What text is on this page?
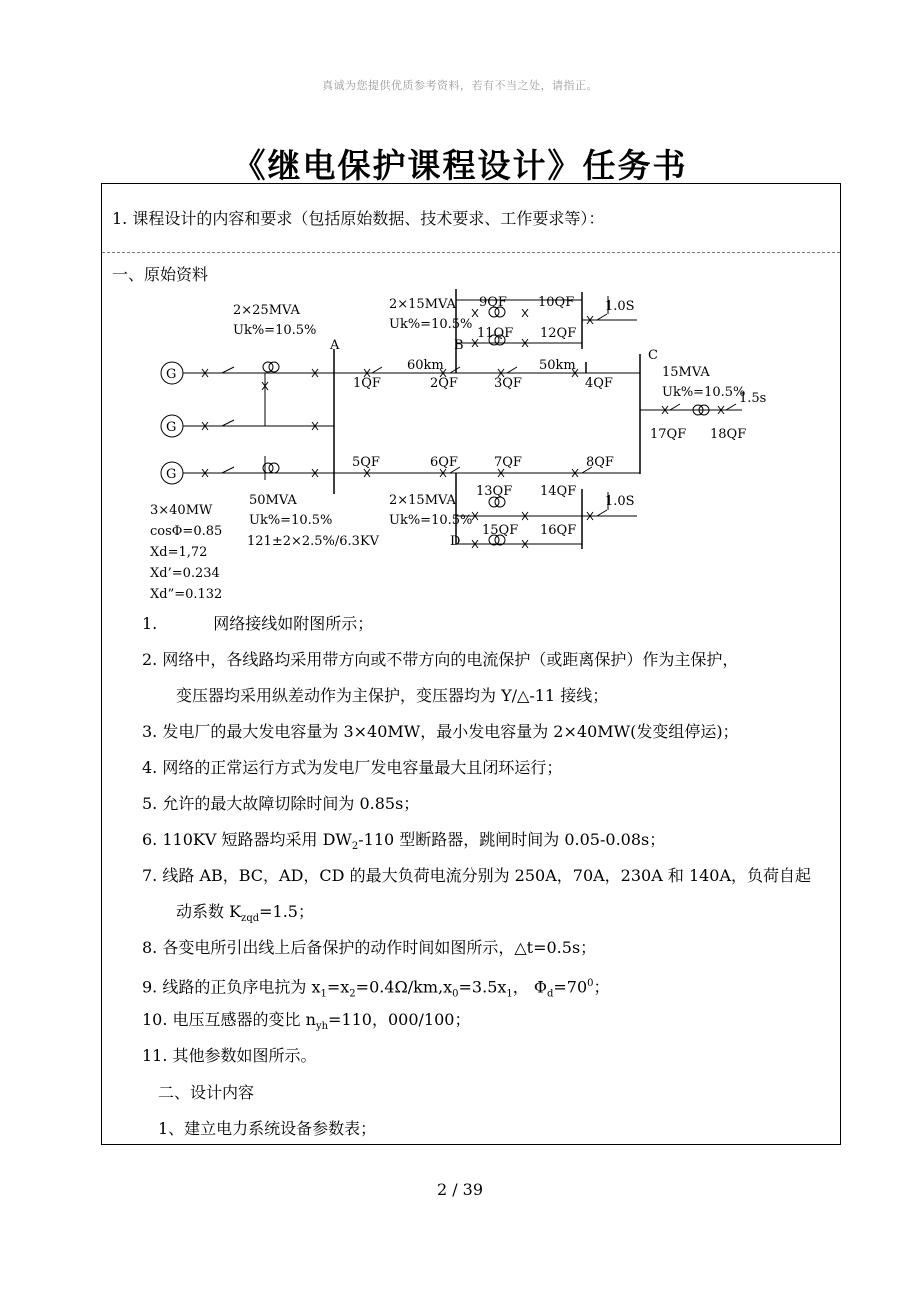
真诚为您提供优质参考资料，若有不当之处，请指正。
《继电保护课程设计》任务书
1. 课程设计的内容和要求（包括原始数据、技术要求、工作要求等）：
一、原始资料
G
G
G
2×25MVA
Uk%=10.5%
A
2×15MVA
Uk%=10.5%
B
9QF 10QF
11QF 12QF
1.0S
60km	50km
C
15MVA
Uk%=10.5%
1.5s
1QF	2QF	3QF	4QF
17QF 18QF
5QF	6QF	7QF	8QF
50MVA
Uk%=10.5%
121±2×2.5%/6.3KV
2×15MVA
Uk%=10.5%
D
13QF 14QF
15QF 16QF
1.0S
3×40MW
cosΦ=0.85
Xd=1,72
Xd’=0.234
Xd”=0.132
1.	网络接线如附图所示；
2. 网络中，各线路均采用带方向或不带方向的电流保护（或距离保护）作为主保护，
变压器均采用纵差动作为主保护，变压器均为 Y/△-11 接线；
3. 发电厂的最大发电容量为 3×40MW，最小发电容量为 2×40MW(发变组停运)；
4. 网络的正常运行方式为发电厂发电容量最大且闭环运行；
5. 允许的最大故障切除时间为 0.85s；
6. 110KV 短路器均采用 $DW_2-110$ 型断路器，跳闸时间为 0.05-0.08s；
7. 线路 AB，BC，AD，CD 的最大负荷电流分别为 250A，70A，230A 和 140A，负荷自起
动系数 $K_{zqd}=1.5$；
8. 各变电所引出线上后备保护的动作时间如图所示，△t=0.5s；
9. 线路的正负序电抗为 $x_1=x_2=0.4\Omega/km,x_0=3.5x_1$， $\Phi_d=70^0$；
10. 电压互感器的变比 $n_{yh}=110$，000/100；
11. 其他参数如图所示。
二、设计内容
1、建立电力系统设备参数表；
2 / 39
